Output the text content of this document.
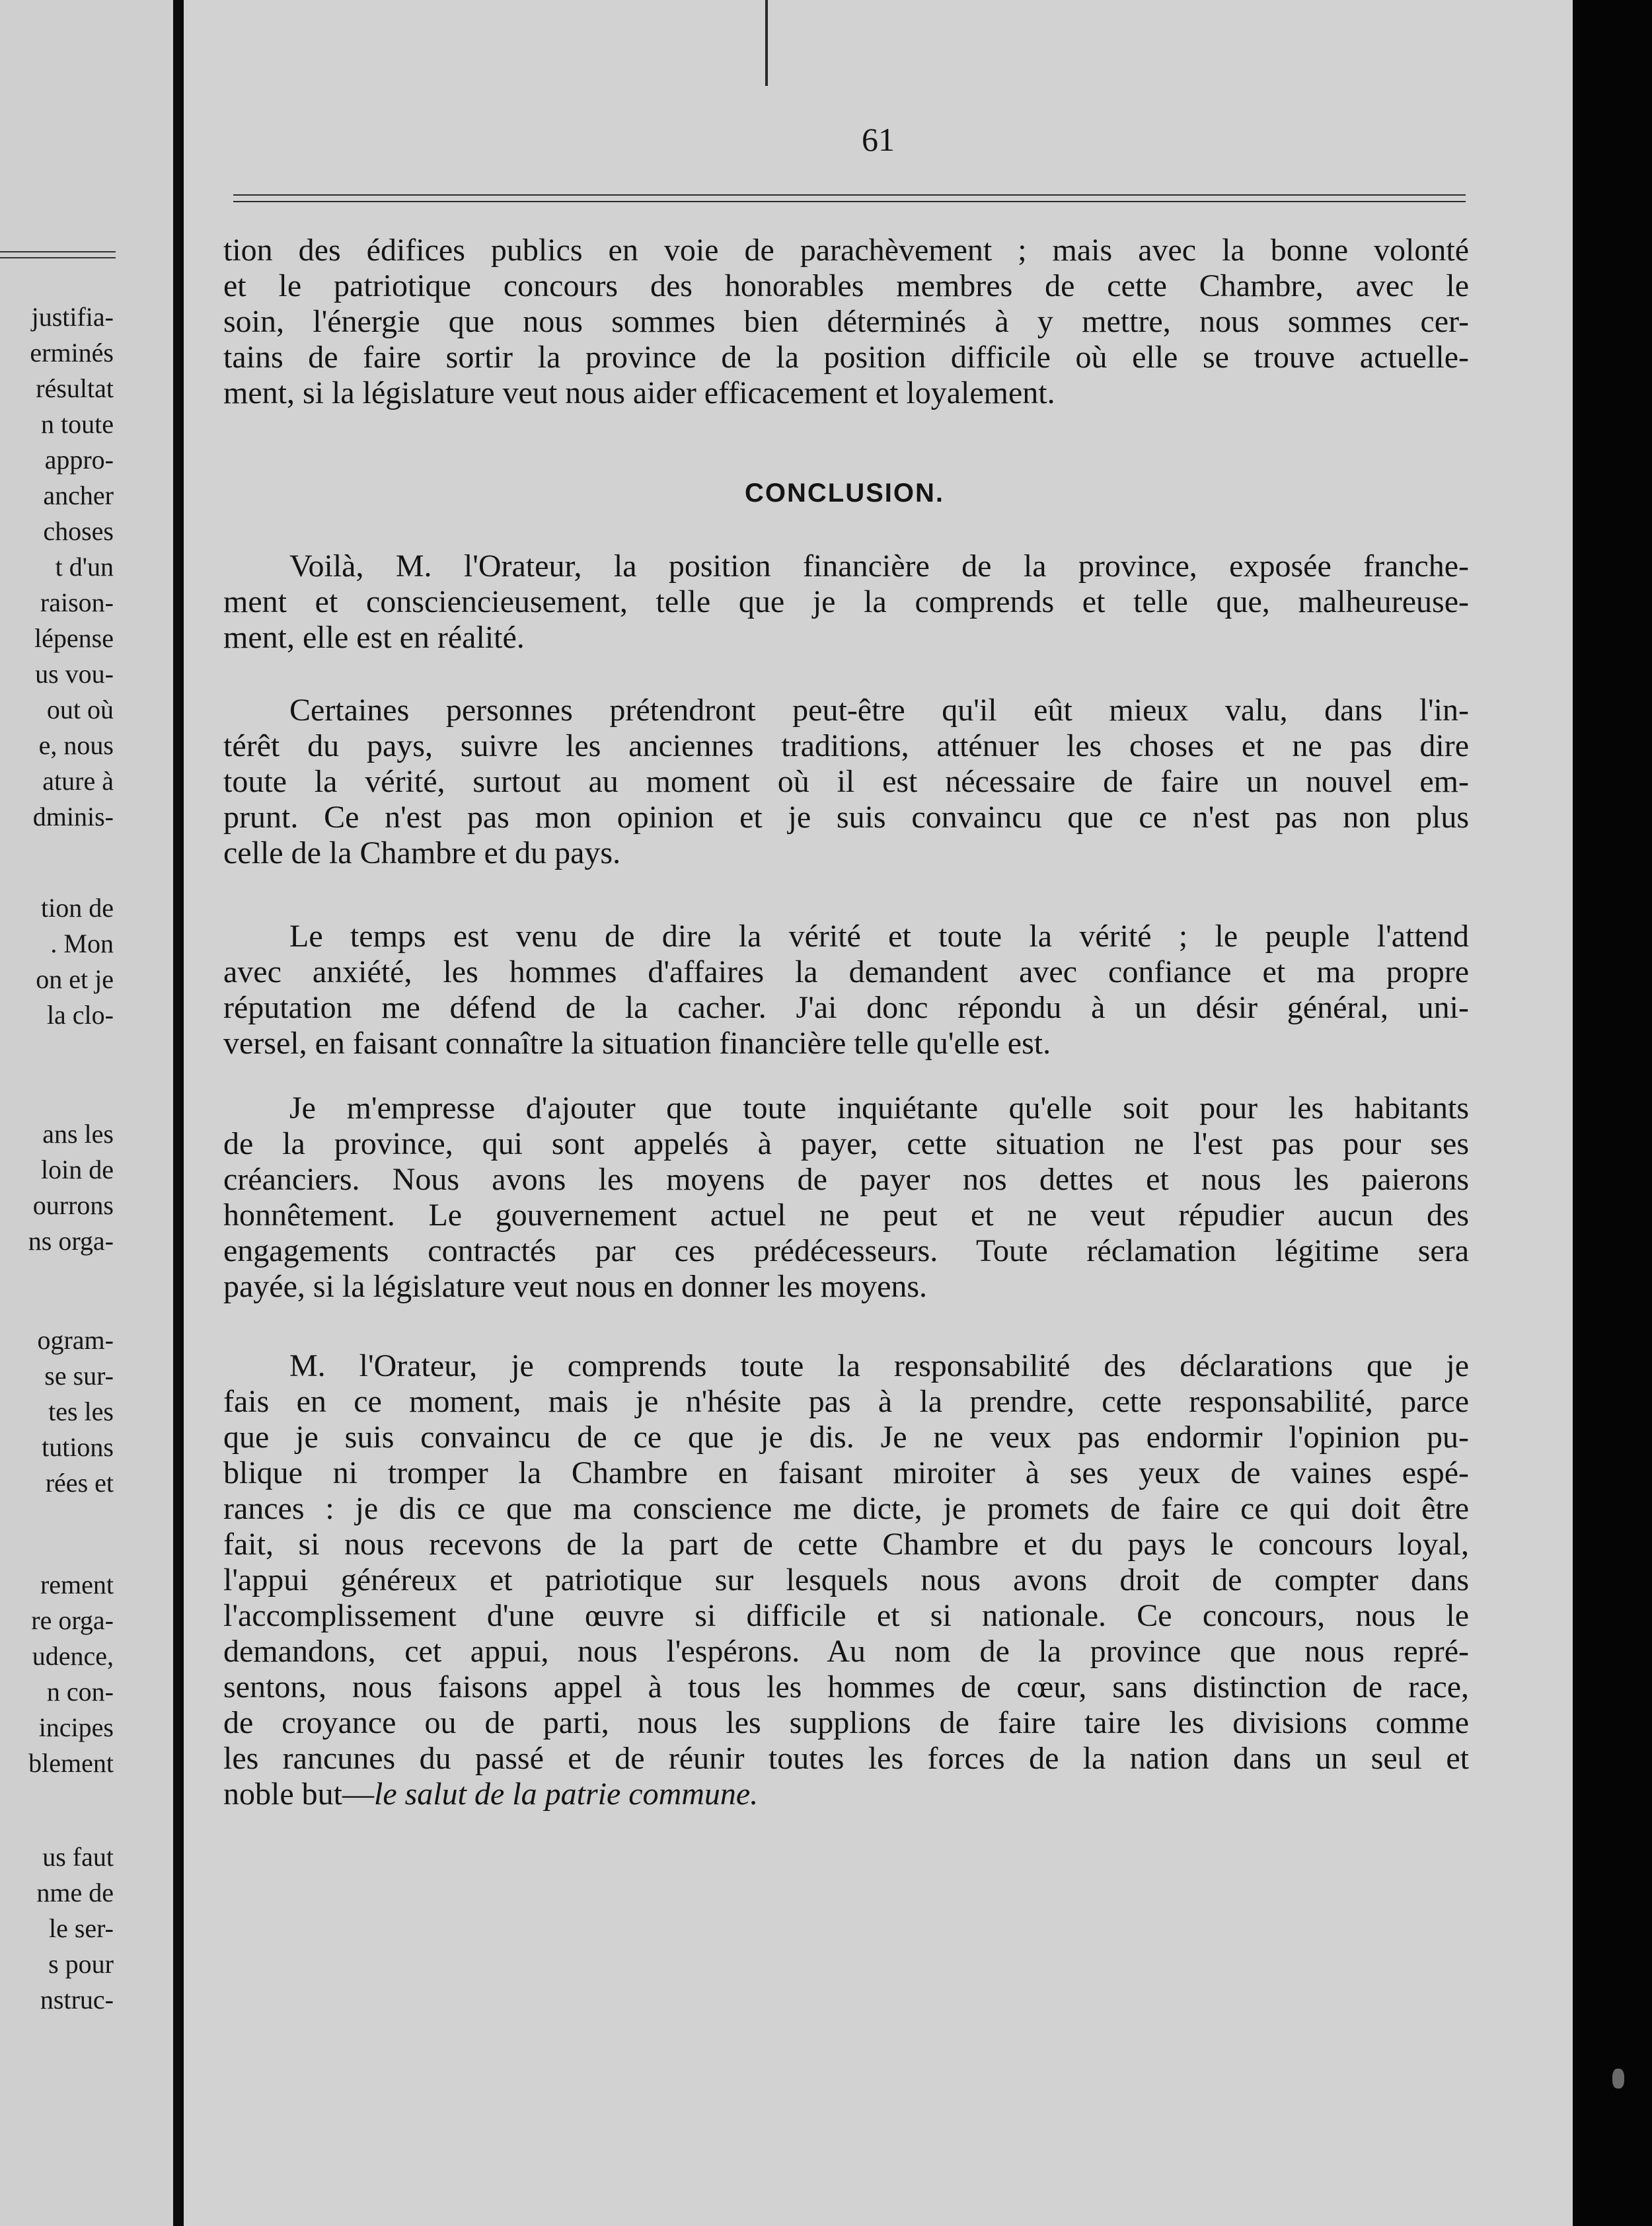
justifia-
erminés
résultat
n toute
appro-
ancher
choses
t d'un
raison-
lépense
us vou-
out où
e, nous
ature à
dminis-
tion de
. Mon
on et je
la clo-
ans les
loin de
ourrons
ns orga-
ogram-
se sur-
tes les
tutions
rées et
rement
re orga-
udence,
n con-
incipes
blement
us faut
nme de
le ser-
s pour
nstruc-
61
tion des édifices publics en voie de parachèvement ; mais avec la bonne volonté
et le patriotique concours des honorables membres de cette Chambre, avec le
soin, l'énergie que nous sommes bien déterminés à y mettre, nous sommes cer-
tains de faire sortir la province de la position difficile où elle se trouve actuelle-
ment, si la législature veut nous aider efficacement et loyalement.
CONCLUSION.
Voilà, M. l'Orateur, la position financière de la province, exposée franche-
ment et consciencieusement, telle que je la comprends et telle que, malheureuse-
ment, elle est en réalité.
Certaines personnes prétendront peut-être qu'il eût mieux valu, dans l'in-
térêt du pays, suivre les anciennes traditions, atténuer les choses et ne pas dire
toute la vérité, surtout au moment où il est nécessaire de faire un nouvel em-
prunt. Ce n'est pas mon opinion et je suis convaincu que ce n'est pas non plus
celle de la Chambre et du pays.
Le temps est venu de dire la vérité et toute la vérité ; le peuple l'attend
avec anxiété, les hommes d'affaires la demandent avec confiance et ma propre
réputation me défend de la cacher. J'ai donc répondu à un désir général, uni-
versel, en faisant connaître la situation financière telle qu'elle est.
Je m'empresse d'ajouter que toute inquiétante qu'elle soit pour les habitants
de la province, qui sont appelés à payer, cette situation ne l'est pas pour ses
créanciers. Nous avons les moyens de payer nos dettes et nous les paierons
honnêtement. Le gouvernement actuel ne peut et ne veut répudier aucun des
engagements contractés par ces prédécesseurs. Toute réclamation légitime sera
payée, si la législature veut nous en donner les moyens.
M. l'Orateur, je comprends toute la responsabilité des déclarations que je
fais en ce moment, mais je n'hésite pas à la prendre, cette responsabilité, parce
que je suis convaincu de ce que je dis. Je ne veux pas endormir l'opinion pu-
blique ni tromper la Chambre en faisant miroiter à ses yeux de vaines espé-
rances : je dis ce que ma conscience me dicte, je promets de faire ce qui doit être
fait, si nous recevons de la part de cette Chambre et du pays le concours loyal,
l'appui généreux et patriotique sur lesquels nous avons droit de compter dans
l'accomplissement d'une œuvre si difficile et si nationale. Ce concours, nous le
demandons, cet appui, nous l'espérons. Au nom de la province que nous repré-
sentons, nous faisons appel à tous les hommes de cœur, sans distinction de race,
de croyance ou de parti, nous les supplions de faire taire les divisions comme
les rancunes du passé et de réunir toutes les forces de la nation dans un seul et
noble but—le salut de la patrie commune.
